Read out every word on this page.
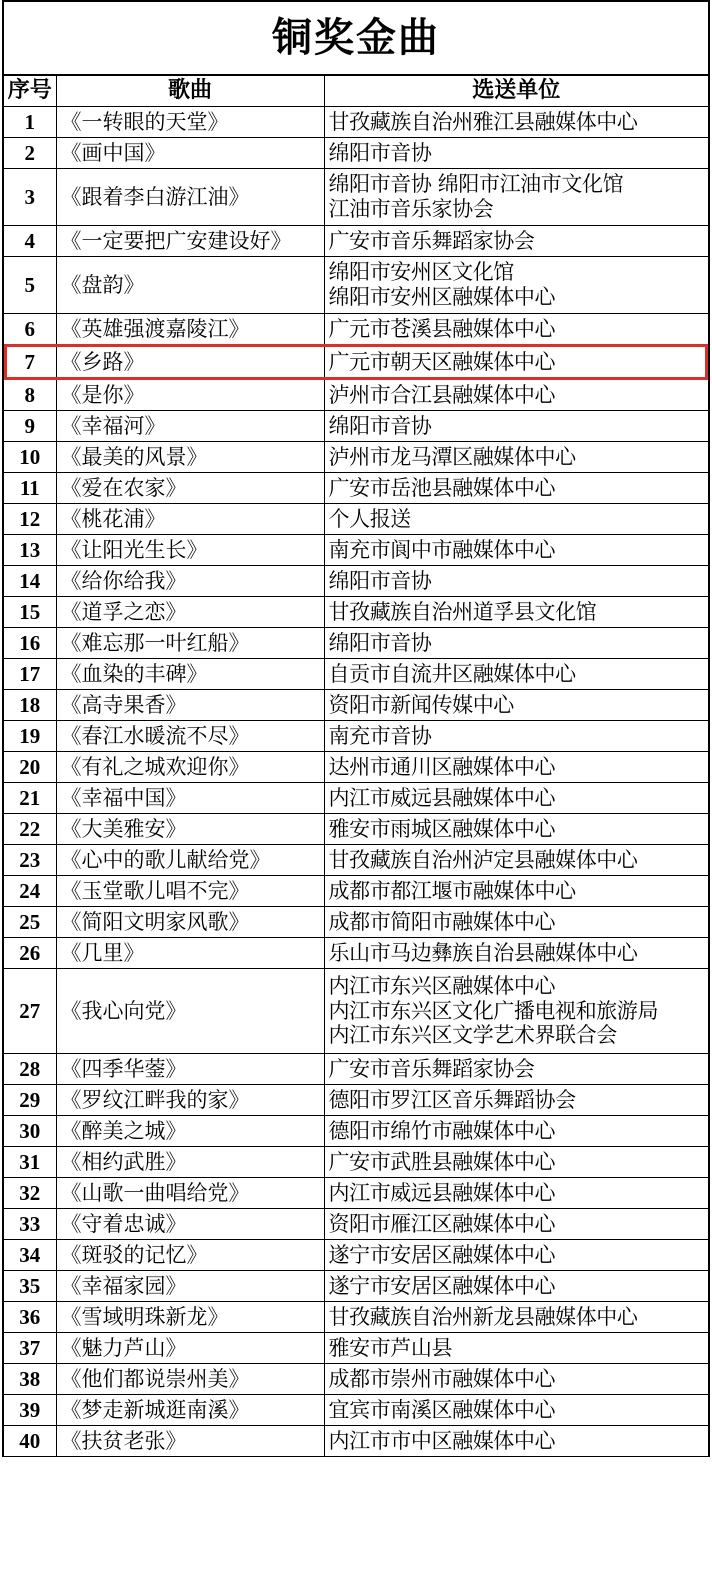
铜奖金曲
序号	歌曲	选送单位
1	《一转眼的天堂》	甘孜藏族自治州雅江县融媒体中心

2	《画中国》	绵阳市音协

3	《跟着李白游江油》	绵阳市音协 绵阳市江油市文化馆
江油市音乐家协会

4	《一定要把广安建设好》	广安市音乐舞蹈家协会

5	《盘韵》	绵阳市安州区文化馆
绵阳市安州区融媒体中心

6	《英雄强渡嘉陵江》	广元市苍溪县融媒体中心

7	《乡路》	广元市朝天区融媒体中心

8	《是你》	泸州市合江县融媒体中心

9	《幸福河》	绵阳市音协

10	《最美的风景》	泸州市龙马潭区融媒体中心

11	《爱在农家》	广安市岳池县融媒体中心

12	《桃花浦》	个人报送

13	《让阳光生长》	南充市阆中市融媒体中心

14	《给你给我》	绵阳市音协

15	《道孚之恋》	甘孜藏族自治州道孚县文化馆

16	《难忘那一叶红船》	绵阳市音协

17	《血染的丰碑》	自贡市自流井区融媒体中心

18	《高寺果香》	资阳市新闻传媒中心

19	《春江水暖流不尽》	南充市音协

20	《有礼之城欢迎你》	达州市通川区融媒体中心

21	《幸福中国》	内江市威远县融媒体中心

22	《大美雅安》	雅安市雨城区融媒体中心

23	《心中的歌儿献给党》	甘孜藏族自治州泸定县融媒体中心

24	《玉堂歌儿唱不完》	成都市都江堰市融媒体中心

25	《简阳文明家风歌》	成都市简阳市融媒体中心

26	《几里》	乐山市马边彝族自治县融媒体中心

27	《我心向党》	内江市东兴区融媒体中心
内江市东兴区文化广播电视和旅游局
内江市东兴区文学艺术界联合会

28	《四季华蓥》	广安市音乐舞蹈家协会

29	《罗纹江畔我的家》	德阳市罗江区音乐舞蹈协会

30	《醉美之城》	德阳市绵竹市融媒体中心

31	《相约武胜》	广安市武胜县融媒体中心

32	《山歌一曲唱给党》	内江市威远县融媒体中心

33	《守着忠诚》	资阳市雁江区融媒体中心

34	《斑驳的记忆》	遂宁市安居区融媒体中心

35	《幸福家园》	遂宁市安居区融媒体中心

36	《雪域明珠新龙》	甘孜藏族自治州新龙县融媒体中心

37	《魅力芦山》	雅安市芦山县

38	《他们都说崇州美》	成都市崇州市融媒体中心

39	《梦走新城逛南溪》	宜宾市南溪区融媒体中心

40	《扶贫老张》	内江市市中区融媒体中心
